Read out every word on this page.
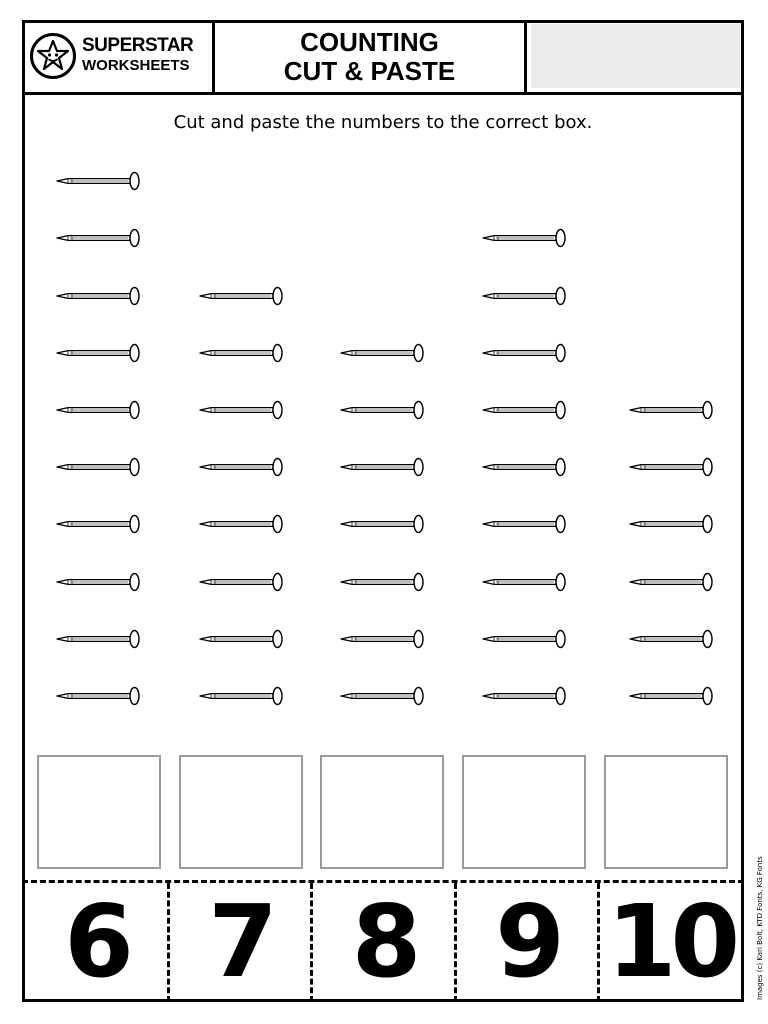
SUPERSTAR
WORKSHEETS
COUNTING
CUT & PASTE
Cut and paste the numbers to the correct box.
6 7 8 9 10	Images (c) Kari Bolt, KTD Fonts, KG Fonts
